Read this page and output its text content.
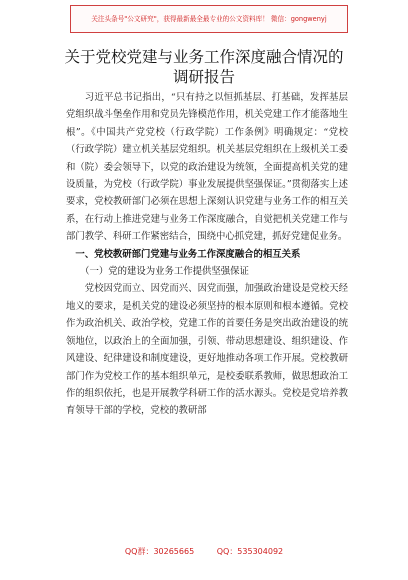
关注头条号"公文研究"，获得最新最全最专业的公文资料库！ 微信：gongwenyj
关于党校党建与业务工作深度融合情况的
调研报告

习近平总书记指出，“只有持之以恒抓基层、打基础，发挥基层党组织战斗堡垒作用和党员先锋模范作用，机关党建工作才能落地生根”。《中国共产党党校（行政学院）工作条例》明确规定：“党校（行政学院）建立机关基层党组织。机关基层党组织在上级机关工委和（院）委会领导下，以党的政治建设为统领，全面提高机关党的建设质量，为党校（行政学院）事业发展提供坚强保证。”贯彻落实上述要求，党校教研部门必须在思想上深刻认识党建与业务工作的相互关系，在行动上推进党建与业务工作深度融合，自觉把机关党建工作与部门教学、科研工作紧密结合，围绕中心抓党建，抓好党建促业务。

一、党校教研部门党建与业务工作深度融合的相互关系

（一）党的建设为业务工作提供坚强保证

党校因党而立、因党而兴、因党而强，加强政治建设是党校天经地义的要求，是机关党的建设必须坚持的根本原则和根本遵循。党校作为政治机关、政治学校，党建工作的首要任务是突出政治建设的统领地位，以政治上的全面加强，引领、带动思想建设、组织建设、作风建设、纪律建设和制度建设，更好地推动各项工作开展。党校教研部门作为党校工作的基本组织单元，是校委联系教师，做思想政治工作的组织依托，也是开展教学科研工作的活水源头。党校是党培养教育领导干部的学校，党校的教研部

QQ群：30265665	QQ：535304092
